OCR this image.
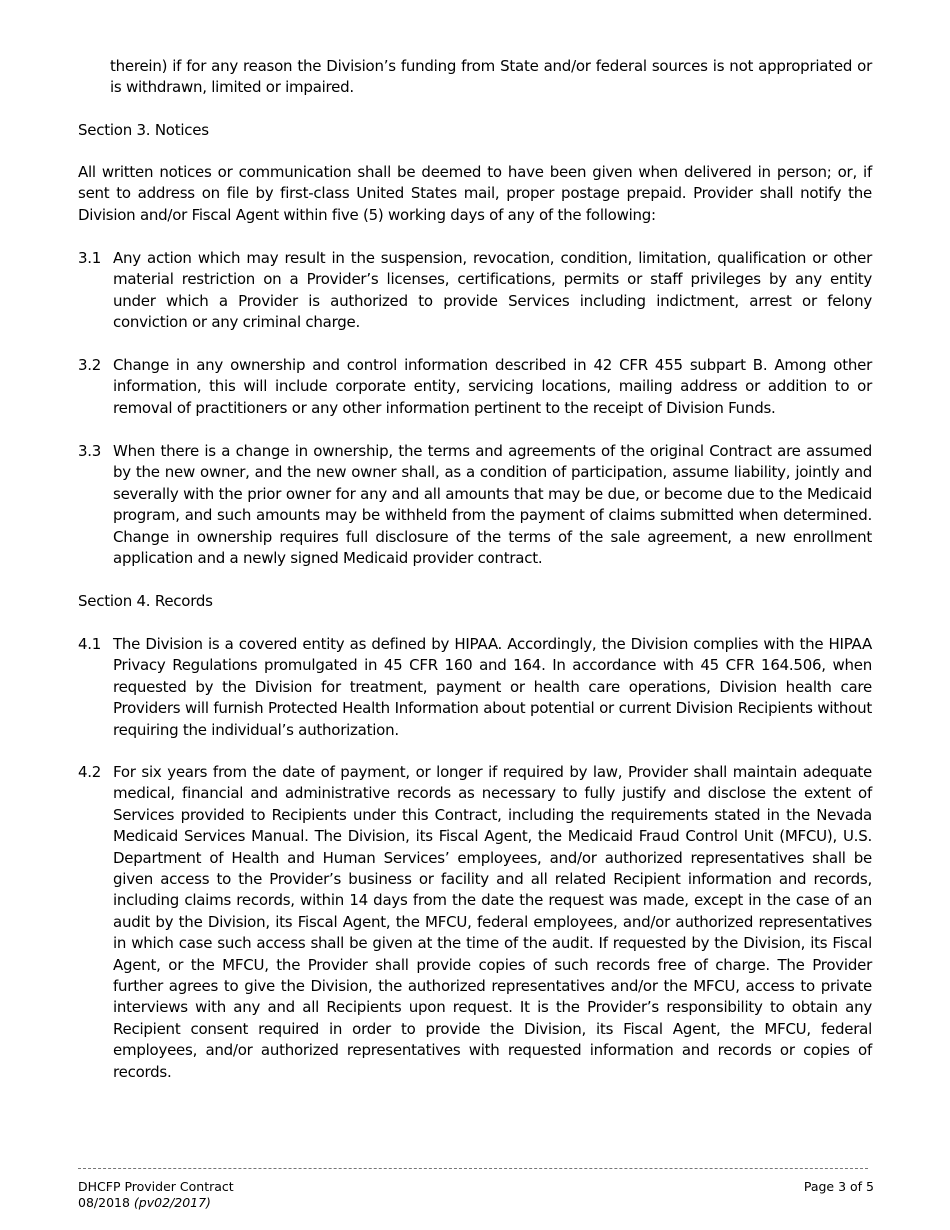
therein) if for any reason the Division’s funding from State and/or federal sources is not appropriated or is withdrawn, limited or impaired.

Section 3. Notices

All written notices or communication shall be deemed to have been given when delivered in person; or, if sent to address on file by first-class United States mail, proper postage prepaid. Provider shall notify the Division and/or Fiscal Agent within five (5) working days of any of the following:

3.1 Any action which may result in the suspension, revocation, condition, limitation, qualification or other material restriction on a Provider’s licenses, certifications, permits or staff privileges by any entity under which a Provider is authorized to provide Services including indictment, arrest or felony conviction or any criminal charge.
3.2 Change in any ownership and control information described in 42 CFR 455 subpart B. Among other information, this will include corporate entity, servicing locations, mailing address or addition to or removal of practitioners or any other information pertinent to the receipt of Division Funds.
3.3 When there is a change in ownership, the terms and agreements of the original Contract are assumed by the new owner, and the new owner shall, as a condition of participation, assume liability, jointly and severally with the prior owner for any and all amounts that may be due, or become due to the Medicaid program, and such amounts may be withheld from the payment of claims submitted when determined. Change in ownership requires full disclosure of the terms of the sale agreement, a new enrollment application and a newly signed Medicaid provider contract.

Section 4. Records

4.1 The Division is a covered entity as defined by HIPAA. Accordingly, the Division complies with the HIPAA Privacy Regulations promulgated in 45 CFR 160 and 164. In accordance with 45 CFR 164.506, when requested by the Division for treatment, payment or health care operations, Division health care Providers will furnish Protected Health Information about potential or current Division Recipients without requiring the individual’s authorization.
4.2 For six years from the date of payment, or longer if required by law, Provider shall maintain adequate medical, financial and administrative records as necessary to fully justify and disclose the extent of Services provided to Recipients under this Contract, including the requirements stated in the Nevada Medicaid Services Manual. The Division, its Fiscal Agent, the Medicaid Fraud Control Unit (MFCU), U.S. Department of Health and Human Services’ employees, and/or authorized representatives shall be given access to the Provider’s business or facility and all related Recipient information and records, including claims records, within 14 days from the date the request was made, except in the case of an audit by the Division, its Fiscal Agent, the MFCU, federal employees, and/or authorized representatives in which case such access shall be given at the time of the audit. If requested by the Division, its Fiscal Agent, or the MFCU, the Provider shall provide copies of such records free of charge. The Provider further agrees to give the Division, the authorized representatives and/or the MFCU, access to private interviews with any and all Recipients upon request. It is the Provider’s responsibility to obtain any Recipient consent required in order to provide the Division, its Fiscal Agent, the MFCU, federal employees, and/or authorized representatives with requested information and records or copies of records.
DHCFP Provider Contract
08/2018 (pv02/2017)
Page 3 of 5
